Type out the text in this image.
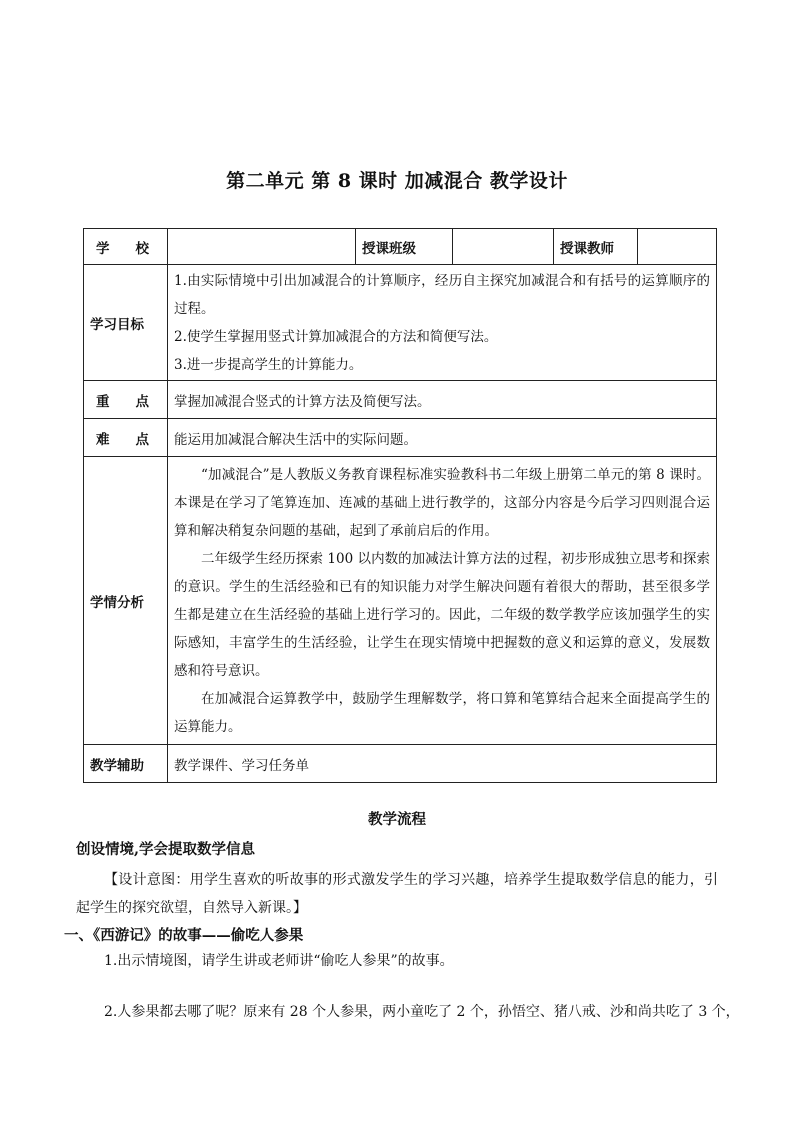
第二单元 第 8 课时 加减混合 教学设计
学 校		授课班级		授课教师	
学习目标	1.由实际情境中引出加减混合的计算顺序，经历自主探究加减混合和有括号的运算顺序的过程。
2.使学生掌握用竖式计算加减混合的方法和简便写法。
3.进一步提高学生的计算能力。				

重 点	掌握加减混合竖式的计算方法及简便写法。				

难 点	能运用加减混合解决生活中的实际问题。				
学情分析	“加减混合”是人教版义务教育课程标准实验教科书二年级上册第二单元的第 8 课时。本课是在学习了笔算连加、连减的基础上进行教学的，这部分内容是今后学习四则混合运算和解决稍复杂问题的基础，起到了承前启后的作用。
二年级学生经历探索 100 以内数的加减法计算方法的过程，初步形成独立思考和探索的意识。学生的生活经验和已有的知识能力对学生解决问题有着很大的帮助，甚至很多学生都是建立在生活经验的基础上进行学习的。因此，二年级的数学教学应该加强学生的实际感知，丰富学生的生活经验，让学生在现实情境中把握数的意义和运算的意义，发展数感和符号意识。
在加减混合运算教学中，鼓励学生理解数学，将口算和笔算结合起来全面提高学生的运算能力。				

教学辅助	教学课件、学习任务单				
教学流程
创设情境,学会提取数学信息
【设计意图：用学生喜欢的听故事的形式激发学生的学习兴趣，培养学生提取数学信息的能力，引起学生的探究欲望，自然导入新课。】
一、《西游记》的故事——偷吃人参果
1.出示情境图，请学生讲或老师讲“偷吃人参果”的故事。
2.人参果都去哪了呢？原来有 28 个人参果，两小童吃了 2 个，孙悟空、猪八戒、沙和尚共吃了 3 个，
